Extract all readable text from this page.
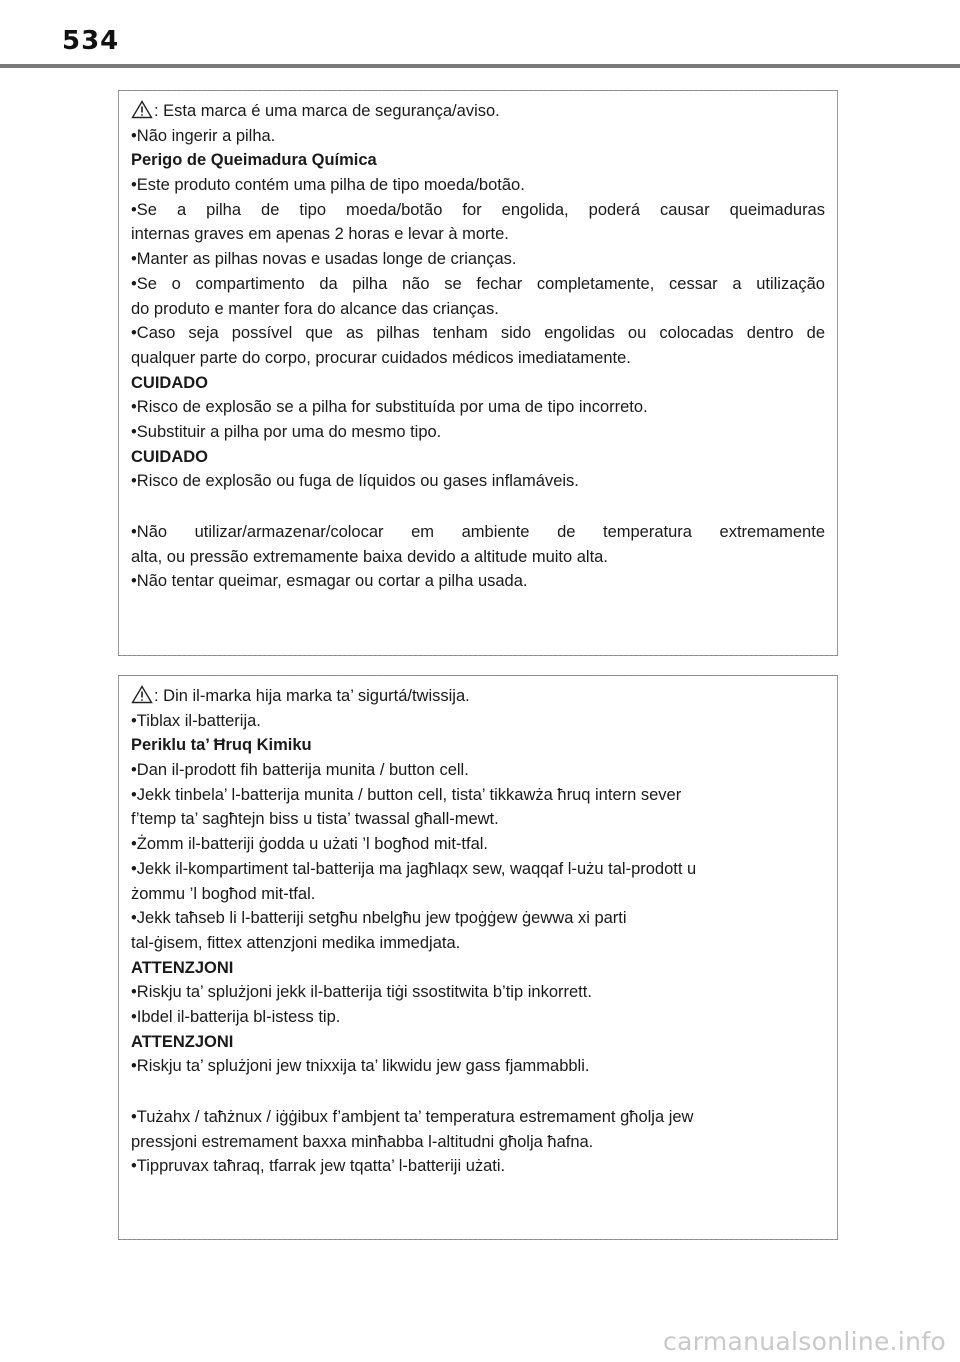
534
: Esta marca é uma marca de segurança/aviso.
•Não ingerir a pilha.
Perigo de Queimadura Química
•Este produto contém uma pilha de tipo moeda/botão.
•Se a pilha de tipo moeda/botão for engolida, poderá causar queimaduras
internas graves em apenas 2 horas e levar à morte.
•Manter as pilhas novas e usadas longe de crianças.
•Se o compartimento da pilha não se fechar completamente, cessar a utilização
do produto e manter fora do alcance das crianças.
•Caso seja possível que as pilhas tenham sido engolidas ou colocadas dentro de
qualquer parte do corpo, procurar cuidados médicos imediatamente.
CUIDADO
•Risco de explosão se a pilha for substituída por uma de tipo incorreto.
•Substituir a pilha por uma do mesmo tipo.
CUIDADO
•Risco de explosão ou fuga de líquidos ou gases inflamáveis.
•Não utilizar/armazenar/colocar em ambiente de temperatura extremamente
alta, ou pressão extremamente baixa devido a altitude muito alta.
•Não tentar queimar, esmagar ou cortar a pilha usada.
: Din il-marka hija marka ta’ sigurtá/twissija.
•Tiblax il-batterija.
Periklu ta’ Ħruq Kimiku
•Dan il-prodott fih batterija munita / button cell.
•Jekk tinbela’ l-batterija munita / button cell, tista’ tikkawża ħruq intern sever
f’temp ta’ sagħtejn biss u tista’ twassal għall-mewt.
•Żomm il-batteriji ġodda u użati ’l bogħod mit-tfal.
•Jekk il-kompartiment tal-batterija ma jagħlaqx sew, waqqaf l-użu tal-prodott u
żommu ’l bogħod mit-tfal.
•Jekk taħseb li l-batteriji setgħu nbelgħu jew tpoġġew ġewwa xi parti
tal-ġisem, fittex attenzjoni medika immedjata.
ATTENZJONI
•Riskju ta’ splużjoni jekk il-batterija tiġi ssostitwita b’tip inkorrett.
•Ibdel il-batterija bl-istess tip.
ATTENZJONI
•Riskju ta’ splużjoni jew tnixxija ta’ likwidu jew gass fjammabbli.
•Tużahx / taħżnux / iġġibux f’ambjent ta’ temperatura estremament għolja jew
pressjoni estremament baxxa minħabba l-altitudni għolja ħafna.
•Tippruvax taħraq, tfarrak jew tqatta’ l-batteriji użati.
carmanualsonline.info
